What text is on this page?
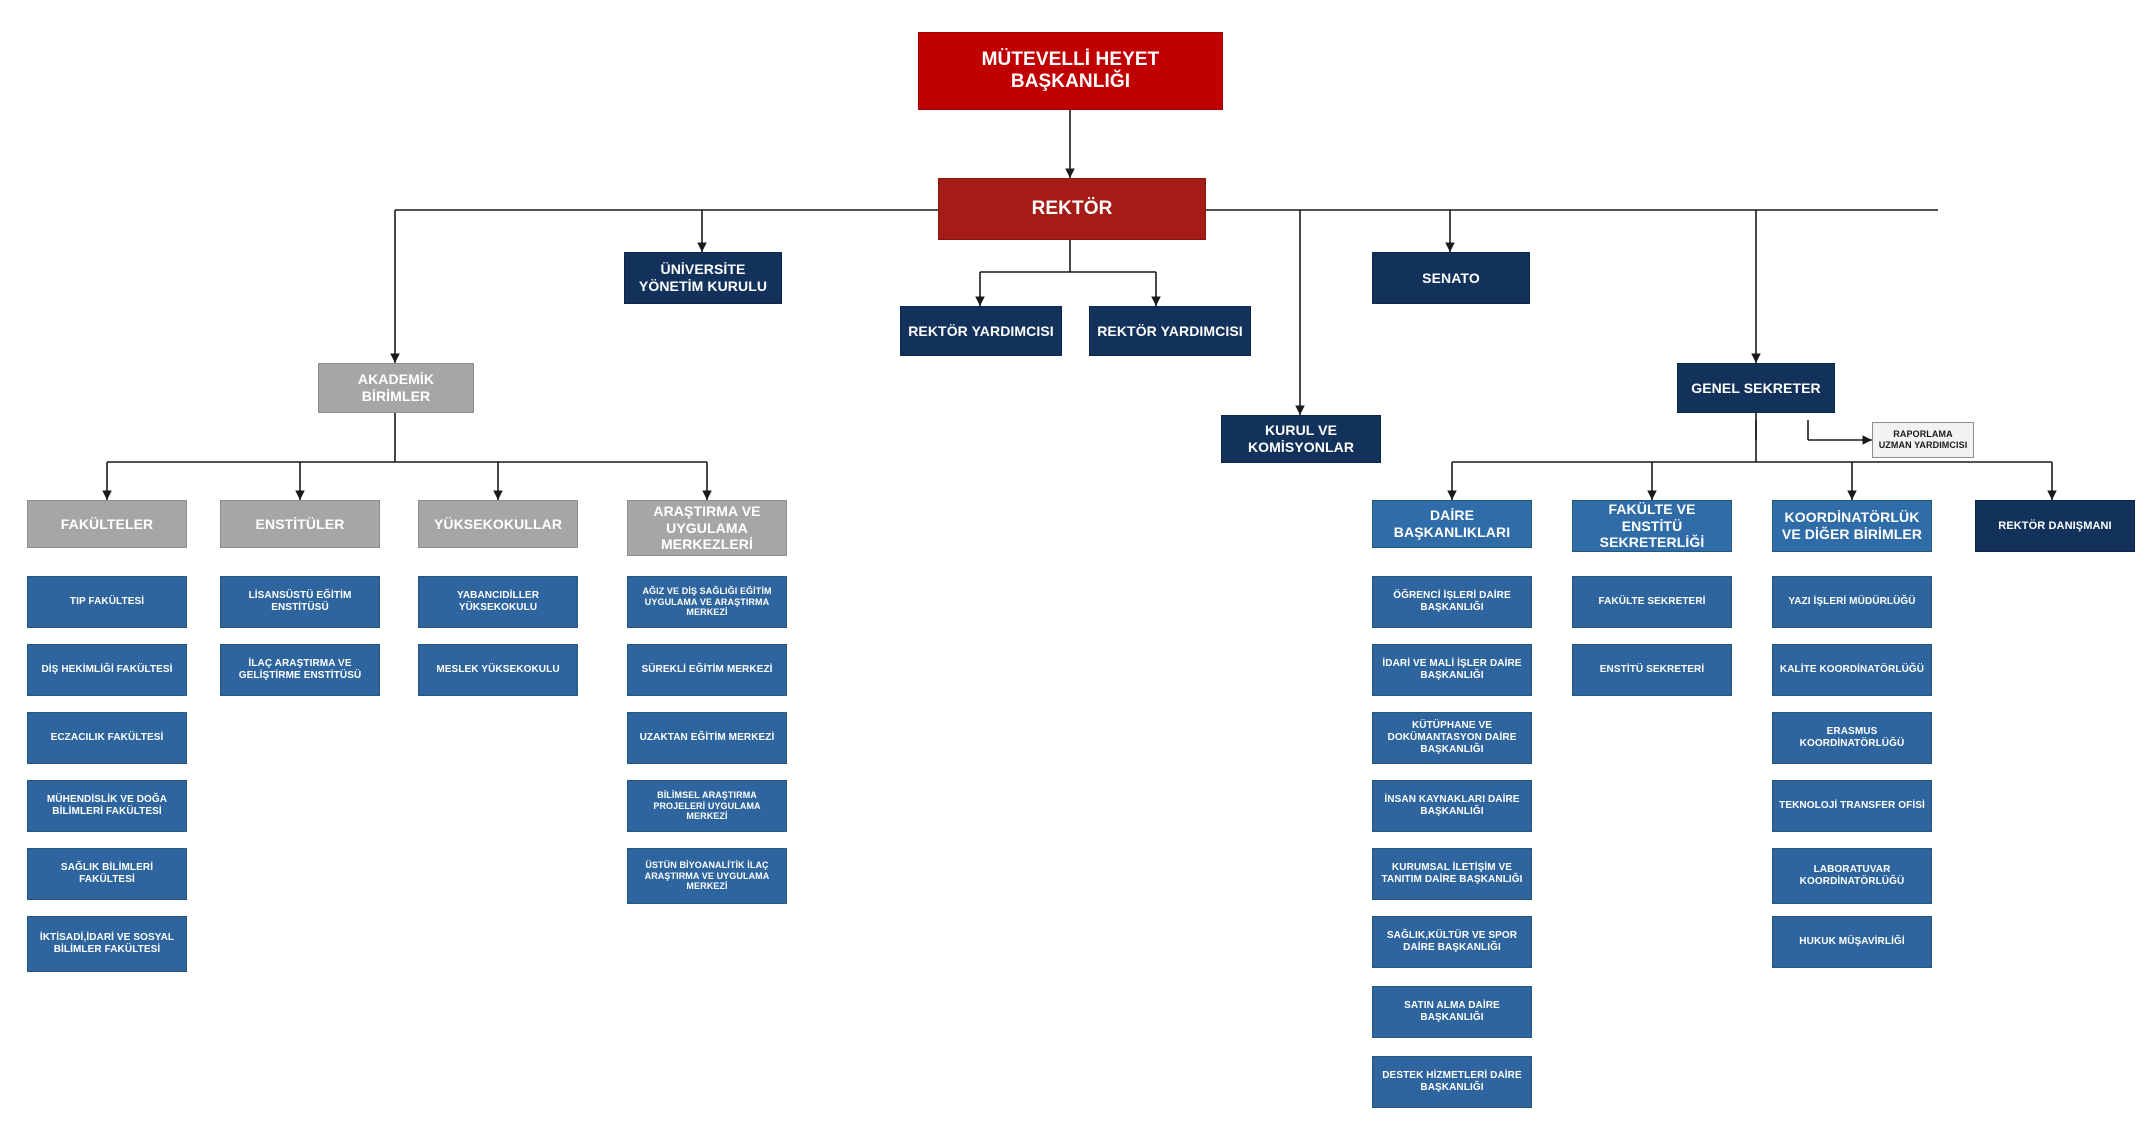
MÜTEVELLİ HEYET BAŞKANLIĞI
REKTÖR
ÜNİVERSİTE YÖNETİM KURULU
REKTÖR YARDIMCISI	REKTÖR YARDIMCISI
SENATO
KURUL VE KOMİSYONLAR
GENEL SEKRETER
RAPORLAMA UZMAN YARDIMCISI
REKTÖR DANIŞMANI
AKADEMİK BİRİMLER
FAKÜLTELER
TIP FAKÜLTESİ
DİŞ HEKİMLİĞİ FAKÜLTESİ
ECZACILIK FAKÜLTESİ
MÜHENDİSLİK VE DOĞA BİLİMLERİ FAKÜLTESİ
SAĞLIK BİLİMLERİ FAKÜLTESİ
İKTİSADİ,İDARİ VE SOSYAL BİLİMLER FAKÜLTESİ
ENSTİTÜLER
LİSANSÜSTÜ EĞİTİM ENSTİTÜSÜ
İLAÇ ARAŞTIRMA VE GELİŞTİRME ENSTİTÜSÜ
YÜKSEKOKULLAR
YABANCIDİLLER YÜKSEKOKULU
MESLEK YÜKSEKOKULU
ARAŞTIRMA VE UYGULAMA MERKEZLERİ
AĞIZ VE DİŞ SAĞLIĞI EĞİTİM UYGULAMA VE ARAŞTIRMA MERKEZİ
SÜREKLİ EĞİTİM MERKEZİ
UZAKTAN EĞİTİM MERKEZİ
BİLİMSEL ARAŞTIRMA PROJELERİ UYGULAMA MERKEZİ
ÜSTÜN BİYOANALİTİK İLAÇ ARAŞTIRMA VE UYGULAMA MERKEZİ
DAİRE BAŞKANLIKLARI
ÖĞRENCİ İŞLERİ DAİRE BAŞKANLIĞI
İDARİ VE MALİ İŞLER DAİRE BAŞKANLIĞI
KÜTÜPHANE VE DOKÜMANTASYON DAİRE BAŞKANLIĞI
İNSAN KAYNAKLARI DAİRE BAŞKANLIĞI
KURUMSAL İLETİŞİM VE TANITIM DAİRE BAŞKANLIĞI
SAĞLIK,KÜLTÜR VE SPOR DAİRE BAŞKANLIĞI
SATIN ALMA DAİRE BAŞKANLIĞI
DESTEK HİZMETLERİ DAİRE BAŞKANLIĞI
FAKÜLTE VE ENSTİTÜ SEKRETERLİĞİ
FAKÜLTE SEKRETERİ
ENSTİTÜ SEKRETERİ
KOORDİNATÖRLÜK VE DİĞER BİRİMLER
YAZI İŞLERİ MÜDÜRLÜĞÜ
KALİTE KOORDİNATÖRLÜĞÜ
ERASMUS KOORDİNATÖRLÜĞÜ
TEKNOLOJİ TRANSFER OFİSİ
LABORATUVAR KOORDİNATÖRLÜĞÜ
HUKUK MÜŞAVİRLİĞİ
